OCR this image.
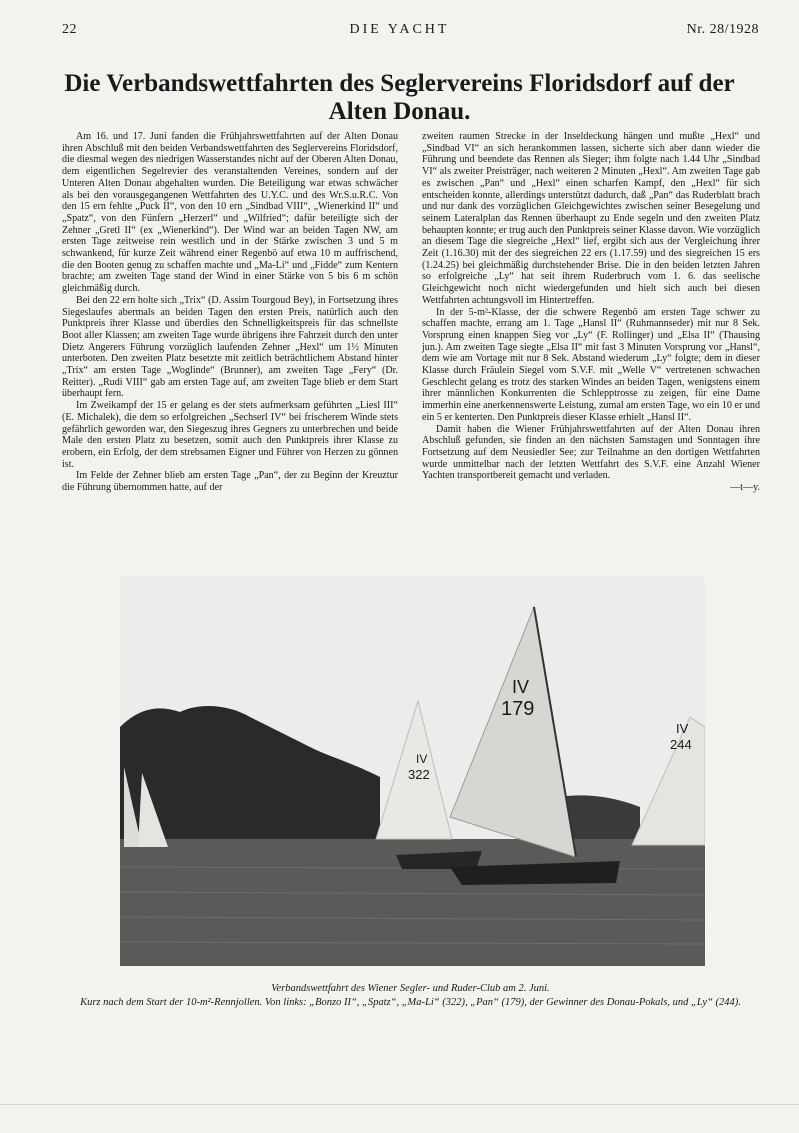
22	DIE YACHT	Nr. 28/1928
Die Verbandswettfahrten des Seglervereins Floridsdorf auf der Alten Donau.

Am 16. und 17. Juni fanden die Frühjahrswettfahrten auf der Alten Donau ihren Abschluß mit den beiden Verbandswettfahrten des Seglervereins Floridsdorf, die diesmal wegen des niedrigen Wasserstandes nicht auf der Oberen Alten Donau, dem eigentlichen Segelrevier des veranstaltenden Vereines, sondern auf der Unteren Alten Donau abgehalten wurden. Die Beteiligung war etwas schwächer als bei den vorausgegangenen Wettfahrten des U.Y.C. und des Wr.S.u.R.C. Von den 15 ern fehlte „Puck II“, von den 10 ern „Sindbad VIII“, „Wienerkind II“ und „Spatz“, von den Fünfern „Herzerl“ und „Wilfried“; dafür beteiligte sich der Zehner „Gretl II“ (ex „Wienerkind“). Der Wind war an beiden Tagen NW, am ersten Tage zeitweise rein westlich und in der Stärke zwischen 3 und 5 m schwankend, für kurze Zeit während einer Regenbö auf etwa 10 m auffrischend, die den Booten genug zu schaffen machte und „Ma-Li“ und „Fidde“ zum Kentern brachte; am zweiten Tage stand der Wind in einer Stärke von 5 bis 6 m schön gleichmäßig durch.

Bei den 22 ern holte sich „Trix“ (D. Assim Tourgoud Bey), in Fortsetzung ihres Siegeslaufes abermals an beiden Tagen den ersten Preis, natürlich auch den Punktpreis ihrer Klasse und überdies den Schnelligkeitspreis für das schnellste Boot aller Klassen; am zweiten Tage wurde übrigens ihre Fahrzeit durch den unter Dietz Angerers Führung vorzüglich laufenden Zehner „Hexl“ um 1½ Minuten unterboten. Den zweiten Platz besetzte mit zeitlich beträchtlichem Abstand hinter „Trix“ am ersten Tage „Woglinde“ (Brunner), am zweiten Tage „Fery“ (Dr. Reitter). „Rudi VIII“ gab am ersten Tage auf, am zweiten Tage blieb er dem Start überhaupt fern.

Im Zweikampf der 15 er gelang es der stets aufmerksam geführten „Liesl III“ (E. Michalek), die dem so erfolgreichen „Sechserl IV“ bei frischerem Winde stets gefährlich geworden war, den Siegeszug ihres Gegners zu unterbrechen und beide Male den ersten Platz zu besetzen, somit auch den Punktpreis ihrer Klasse zu erobern, ein Erfolg, der dem strebsamen Eigner und Führer von Herzen zu gönnen ist.

Im Felde der Zehner blieb am ersten Tage „Pan“, der zu Beginn der Kreuztur die Führung übernommen hatte, auf der

zweiten raumen Strecke in der Inseldeckung hängen und mußte „Hexl“ und „Sindbad VI“ an sich herankommen lassen, sicherte sich aber dann wieder die Führung und beendete das Rennen als Sieger; ihm folgte nach 1.44 Uhr „Sindbad VI“ als zweiter Preisträger, nach weiteren 2 Minuten „Hexl“. Am zweiten Tage gab es zwischen „Pan“ und „Hexl“ einen scharfen Kampf, den „Hexl“ für sich entscheiden konnte, allerdings unterstützt dadurch, daß „Pan“ das Ruderblatt brach und nur dank des vorzüglichen Gleichgewichtes zwischen seiner Besegelung und seinem Lateralplan das Rennen überhaupt zu Ende segeln und den zweiten Platz behaupten konnte; er trug auch den Punktpreis seiner Klasse davon. Wie vorzüglich an diesem Tage die siegreiche „Hexl“ lief, ergibt sich aus der Vergleichung ihrer Zeit (1.16.30) mit der des siegreichen 22 ers (1.17.59) und des siegreichen 15 ers (1.24.25) bei gleichmäßig durchstehender Brise. Die in den beiden letzten Jahren so erfolgreiche „Ly“ hat seit ihrem Ruderbruch vom 1. 6. das seelische Gleichgewicht noch nicht wiedergefunden und hielt sich auch bei diesen Wettfahrten achtungsvoll im Hintertreffen.

In der 5-m²-Klasse, der die schwere Regenbö am ersten Tage schwer zu schaffen machte, errang am 1. Tage „Hansl II“ (Ruhmannseder) mit nur 8 Sek. Vorsprung einen knappen Sieg vor „Ly“ (F. Rollinger) und „Elsa II“ (Thausing jun.). Am zweiten Tage siegte „Elsa II“ mit fast 3 Minuten Vorsprung vor „Hansl“, dem wie am Vortage mit nur 8 Sek. Abstand wiederum „Ly“ folgte; dem in dieser Klasse durch Fräulein Siegel vom S.V.F. mit „Welle V“ vertretenen schwachen Geschlecht gelang es trotz des starken Windes an beiden Tagen, wenigstens einem ihrer männlichen Konkurrenten die Schlepptrosse zu zeigen, für eine Dame immerhin eine anerkennenswerte Leistung, zumal am ersten Tage, wo ein 10 er und ein 5 er kenterten. Den Punktpreis dieser Klasse erhielt „Hansl II“.

Damit haben die Wiener Frühjahrswettfahrten auf der Alten Donau ihren Abschluß gefunden, sie finden an den nächsten Samstagen und Sonntagen ihre Fortsetzung auf dem Neusiedler See; zur Teilnahme an den dortigen Wettfahrten wurde unmittelbar nach der letzten Wettfahrt des S.V.F. eine Anzahl Wiener Yachten transportbereit gemacht und verladen.

—t—y.
IV
179
IV
322
IV
244
Verbandswettfahrt des Wiener Segler- und Ruder-Club am 2. Juni.
Kurz nach dem Start der 10-m²-Rennjollen. Von links: „Bonzo II“, „Spatz“, „Ma-Li“ (322), „Pan“ (179), der Gewinner des Donau-Pokals, und „Ly“ (244).
